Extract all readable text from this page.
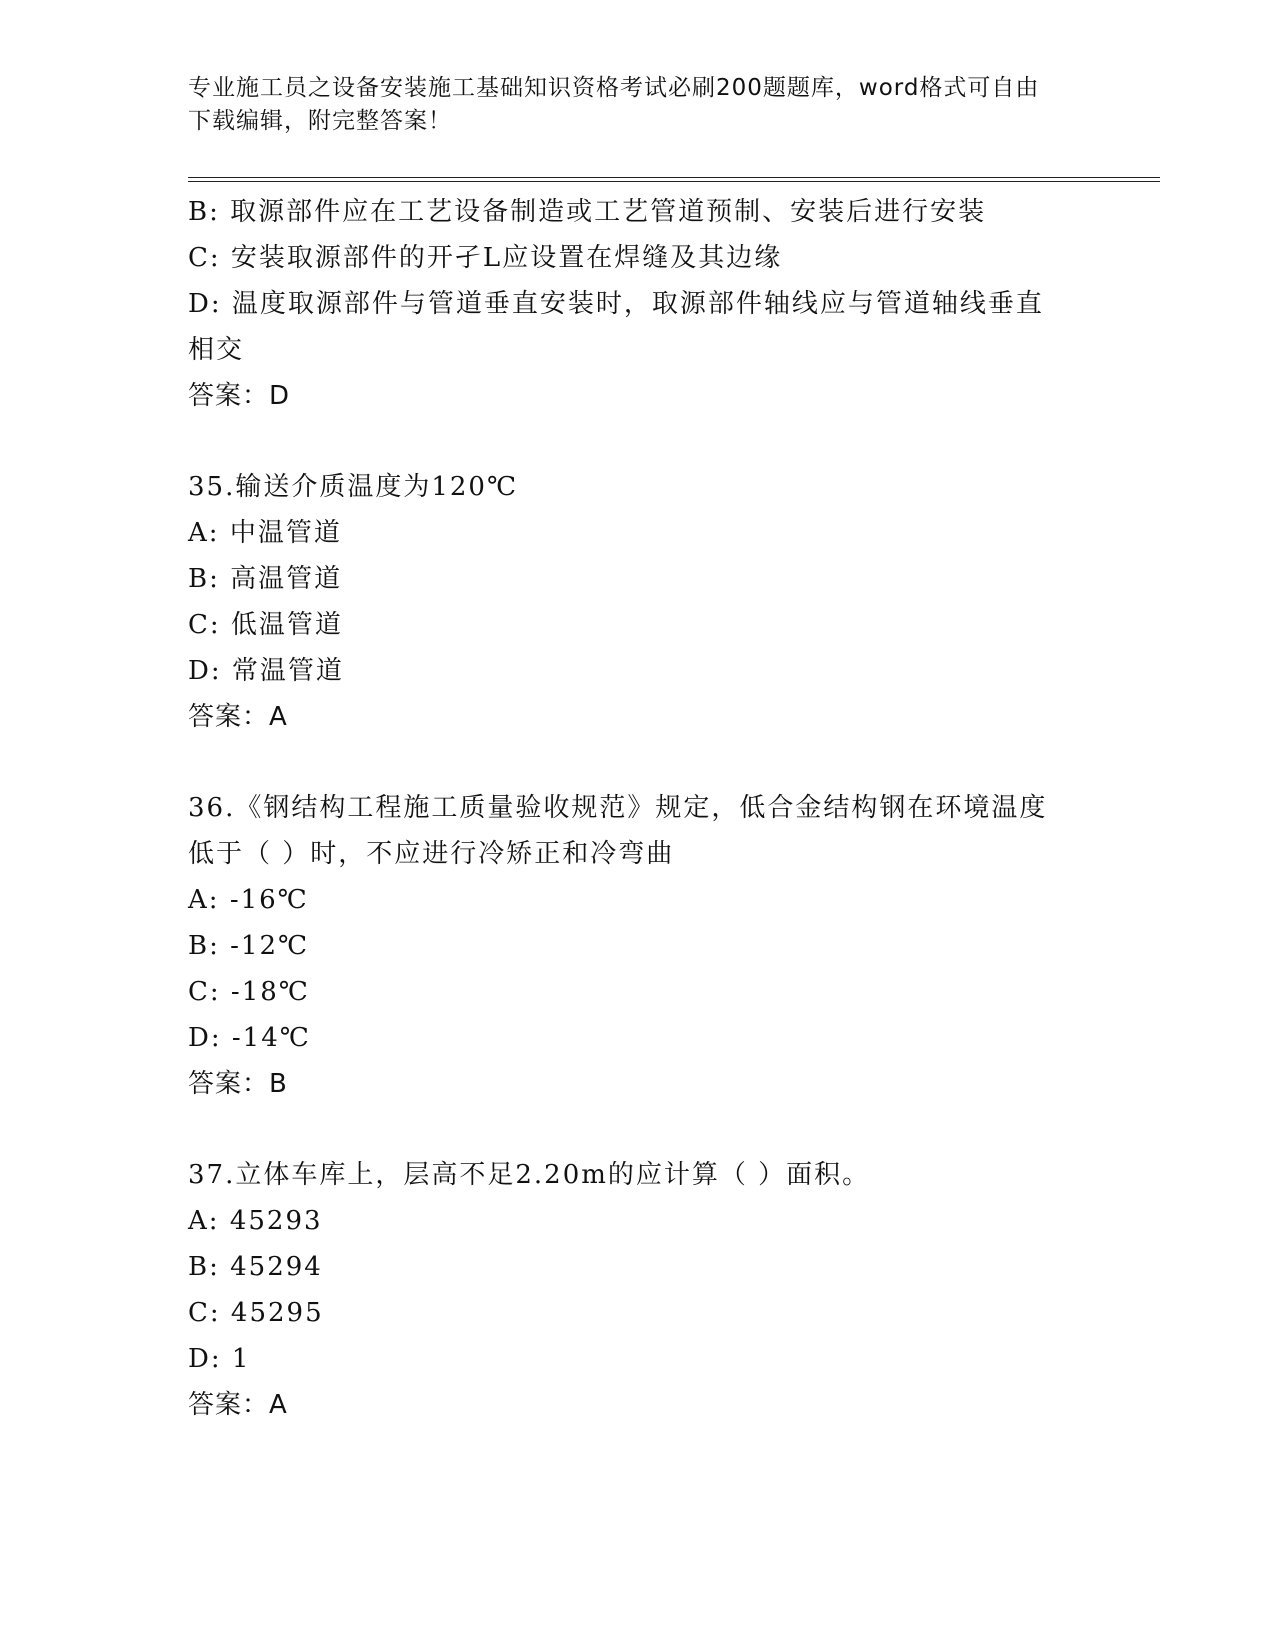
专业施工员之设备安装施工基础知识资格考试必刷200题题库，word格式可自由
下载编辑，附完整答案！
B: 取源部件应在工艺设备制造或工艺管道预制、安装后进行安装
C: 安装取源部件的开孑L应设置在焊缝及其边缘
D: 温度取源部件与管道垂直安装时，取源部件轴线应与管道轴线垂直
相交
答案：D
35.输送介质温度为120℃
A: 中温管道
B: 高温管道
C: 低温管道
D: 常温管道
答案：A
36.《钢结构工程施工质量验收规范》规定，低合金结构钢在环境温度
低于（ ）时，不应进行冷矫正和冷弯曲
A: -16℃
B: -12℃
C: -18℃
D: -14℃
答案：B
37.立体车库上，层高不足2.20m的应计算（ ）面积。
A: 45293
B: 45294
C: 45295
D: 1
答案：A
